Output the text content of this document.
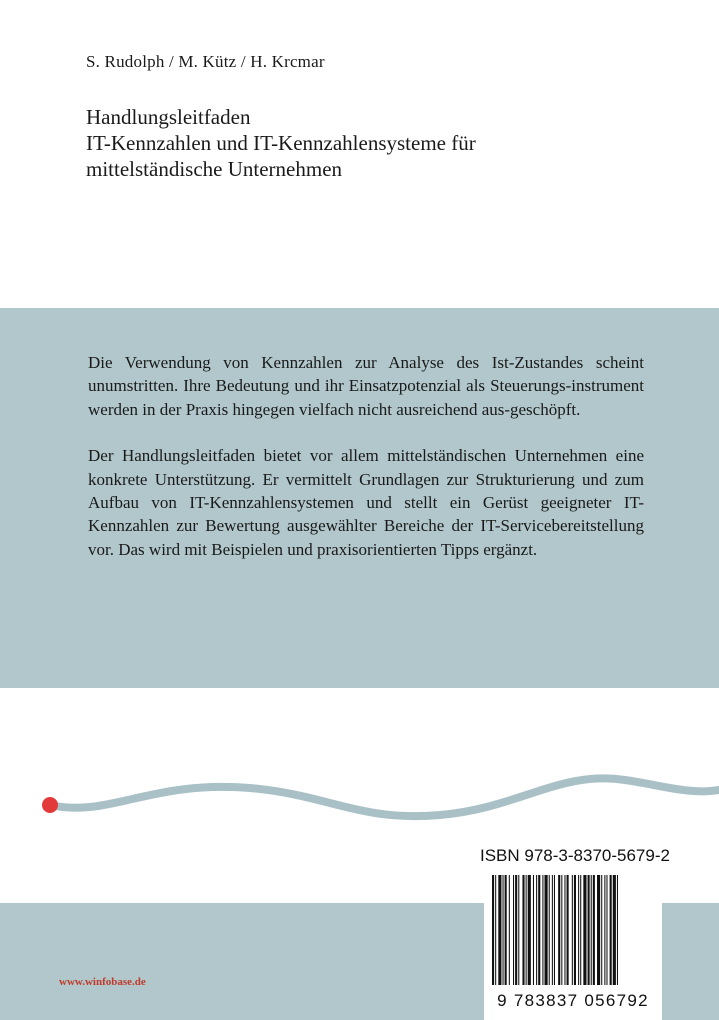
S. Rudolph / M. Kütz / H. Krcmar
Handlungsleitfaden
IT-Kennzahlen und IT-Kennzahlensysteme für
mittelständische Unternehmen

Die Verwendung von Kennzahlen zur Analyse des Ist-Zustandes scheint unumstritten. Ihre Bedeutung und ihr Einsatzpotenzial als Steuerungs-instrument werden in der Praxis hingegen vielfach nicht ausreichend aus-geschöpft.

Der Handlungsleitfaden bietet vor allem mittelständischen Unternehmen eine konkrete Unterstützung. Er vermittelt Grundlagen zur Strukturierung und zum Aufbau von IT-Kennzahlensystemen und stellt ein Gerüst geeigneter IT-Kennzahlen zur Bewertung ausgewählter Bereiche der IT-Servicebereitstellung vor. Das wird mit Beispielen und praxisorientierten Tipps ergänzt.

www.winfobase.de
ISBN 978-3-8370-5679-2
9 783837 056792
